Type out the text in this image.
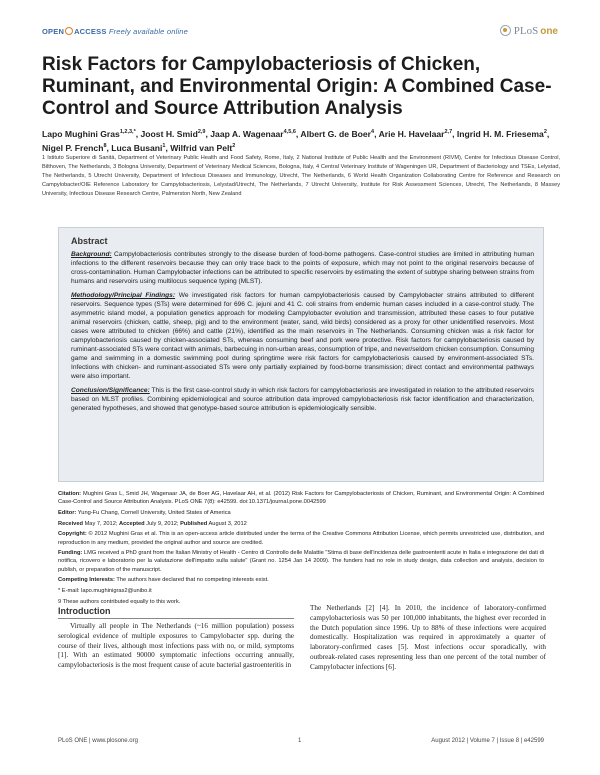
OPEN ACCESS Freely available online	PLoS one
Risk Factors for Campylobacteriosis of Chicken, Ruminant, and Environmental Origin: A Combined Case-Control and Source Attribution Analysis
Lapo Mughini Gras$^{1,2,3,*}$, Joost H. Smid$^{2,9}$, Jaap A. Wagenaar$^{4,5,6}$, Albert G. de Boer$^4$, Arie H. Havelaar$^{2,7}$, Ingrid H. M. Friesema$^2$, Nigel P. French$^8$, Luca Busani$^1$, Wilfrid van Pelt$^2$

1 Istituto Superiore di Sanità, Department of Veterinary Public Health and Food Safety, Rome, Italy, 2 National Institute of Public Health and the Environment (RIVM), Centre for Infectious Disease Control, Bilthoven, The Netherlands, 3 Bologna University, Department of Veterinary Medical Sciences, Bologna, Italy, 4 Central Veterinary Institute of Wageningen UR, Department of Bacteriology and TSEs, Lelystad, The Netherlands, 5 Utrecht University, Department of Infectious Diseases and Immunology, Utrecht, The Netherlands, 6 World Health Organization Collaborating Centre for Reference and Research on Campylobacter/OIE Reference Laboratory for Campylobacteriosis, Lelystad/Utrecht, The Netherlands, 7 Utrecht University, Institute for Risk Assessment Sciences, Utrecht, The Netherlands, 8 Massey University, Infectious Disease Research Centre, Palmerston North, New Zealand

Abstract

Background: Campylobacteriosis contributes strongly to the disease burden of food-borne pathogens. Case-control studies are limited in attributing human infections to the different reservoirs because they can only trace back to the points of exposure, which may not point to the original reservoirs because of cross-contamination. Human Campylobacter infections can be attributed to specific reservoirs by estimating the extent of subtype sharing between strains from humans and reservoirs using multilocus sequence typing (MLST).

Methodology/Principal Findings: We investigated risk factors for human campylobacteriosis caused by Campylobacter strains attributed to different reservoirs. Sequence types (STs) were determined for 696 C. jejuni and 41 C. coli strains from endemic human cases included in a case-control study. The asymmetric island model, a population genetics approach for modeling Campylobacter evolution and transmission, attributed these cases to four putative animal reservoirs (chicken, cattle, sheep, pig) and to the environment (water, sand, wild birds) considered as a proxy for other unidentified reservoirs. Most cases were attributed to chicken (66%) and cattle (21%), identified as the main reservoirs in The Netherlands. Consuming chicken was a risk factor for campylobacteriosis caused by chicken-associated STs, whereas consuming beef and pork were protective. Risk factors for campylobacteriosis caused by ruminant-associated STs were contact with animals, barbecuing in non-urban areas, consumption of tripe, and never/seldom chicken consumption. Consuming game and swimming in a domestic swimming pool during springtime were risk factors for campylobacteriosis caused by environment-associated STs. Infections with chicken- and ruminant-associated STs were only partially explained by food-borne transmission; direct contact and environmental pathways were also important.

Conclusion/Significance: This is the first case-control study in which risk factors for campylobacteriosis are investigated in relation to the attributed reservoirs based on MLST profiles. Combining epidemiological and source attribution data improved campylobacteriosis risk factor identification and characterization, generated hypotheses, and showed that genotype-based source attribution is epidemiologically sensible.

Citation: Mughini Gras L, Smid JH, Wagenaar JA, de Boer AG, Havelaar AH, et al. (2012) Risk Factors for Campylobacteriosis of Chicken, Ruminant, and Environmental Origin: A Combined Case-Control and Source Attribution Analysis. PLoS ONE 7(8): e42599. doi:10.1371/journal.pone.0042599

Editor: Yung-Fu Chang, Cornell University, United States of America

Received May 7, 2012; Accepted July 9, 2012; Published August 3, 2012

Copyright: © 2012 Mughini Gras et al. This is an open-access article distributed under the terms of the Creative Commons Attribution License, which permits unrestricted use, distribution, and reproduction in any medium, provided the original author and source are credited.

Funding: LMG received a PhD grant from the Italian Ministry of Health - Centro di Controllo delle Malattie "Stima di base dell'incidenza delle gastroenteriti acute in Italia e integrazione dei dati di notifica, ricovero e laboratorio per la valutazione dell'impatto sulla salute" (Grant no. 1254 Jan 14 2009). The funders had no role in study design, data collection and analysis, decision to publish, or preparation of the manuscript.

Competing Interests: The authors have declared that no competing interests exist.

* E-mail: lapo.mughinigras2@unibo.it

9 These authors contributed equally to this work.

Introduction

Virtually all people in The Netherlands (~16 million population) possess serological evidence of multiple exposures to Campylobacter spp. during the course of their lives, although most infections pass with no, or mild, symptoms [1]. With an estimated 90000 symptomatic infections occurring annually, campylobacteriosis is the most frequent cause of acute bacterial gastroenteritis in

The Netherlands [2] [4]. In 2010, the incidence of laboratory-confirmed campylobacteriosis was 50 per 100,000 inhabitants, the highest ever recorded in the Dutch population since 1996. Up to 88% of these infections were acquired domestically. Hospitalization was required in approximately a quarter of laboratory-confirmed cases [5]. Most infections occur sporadically, with outbreak-related cases representing less than one percent of the total number of Campylobacter infections [6].

PLoS ONE | www.plosone.org	1	August 2012 | Volume 7 | Issue 8 | e42599
